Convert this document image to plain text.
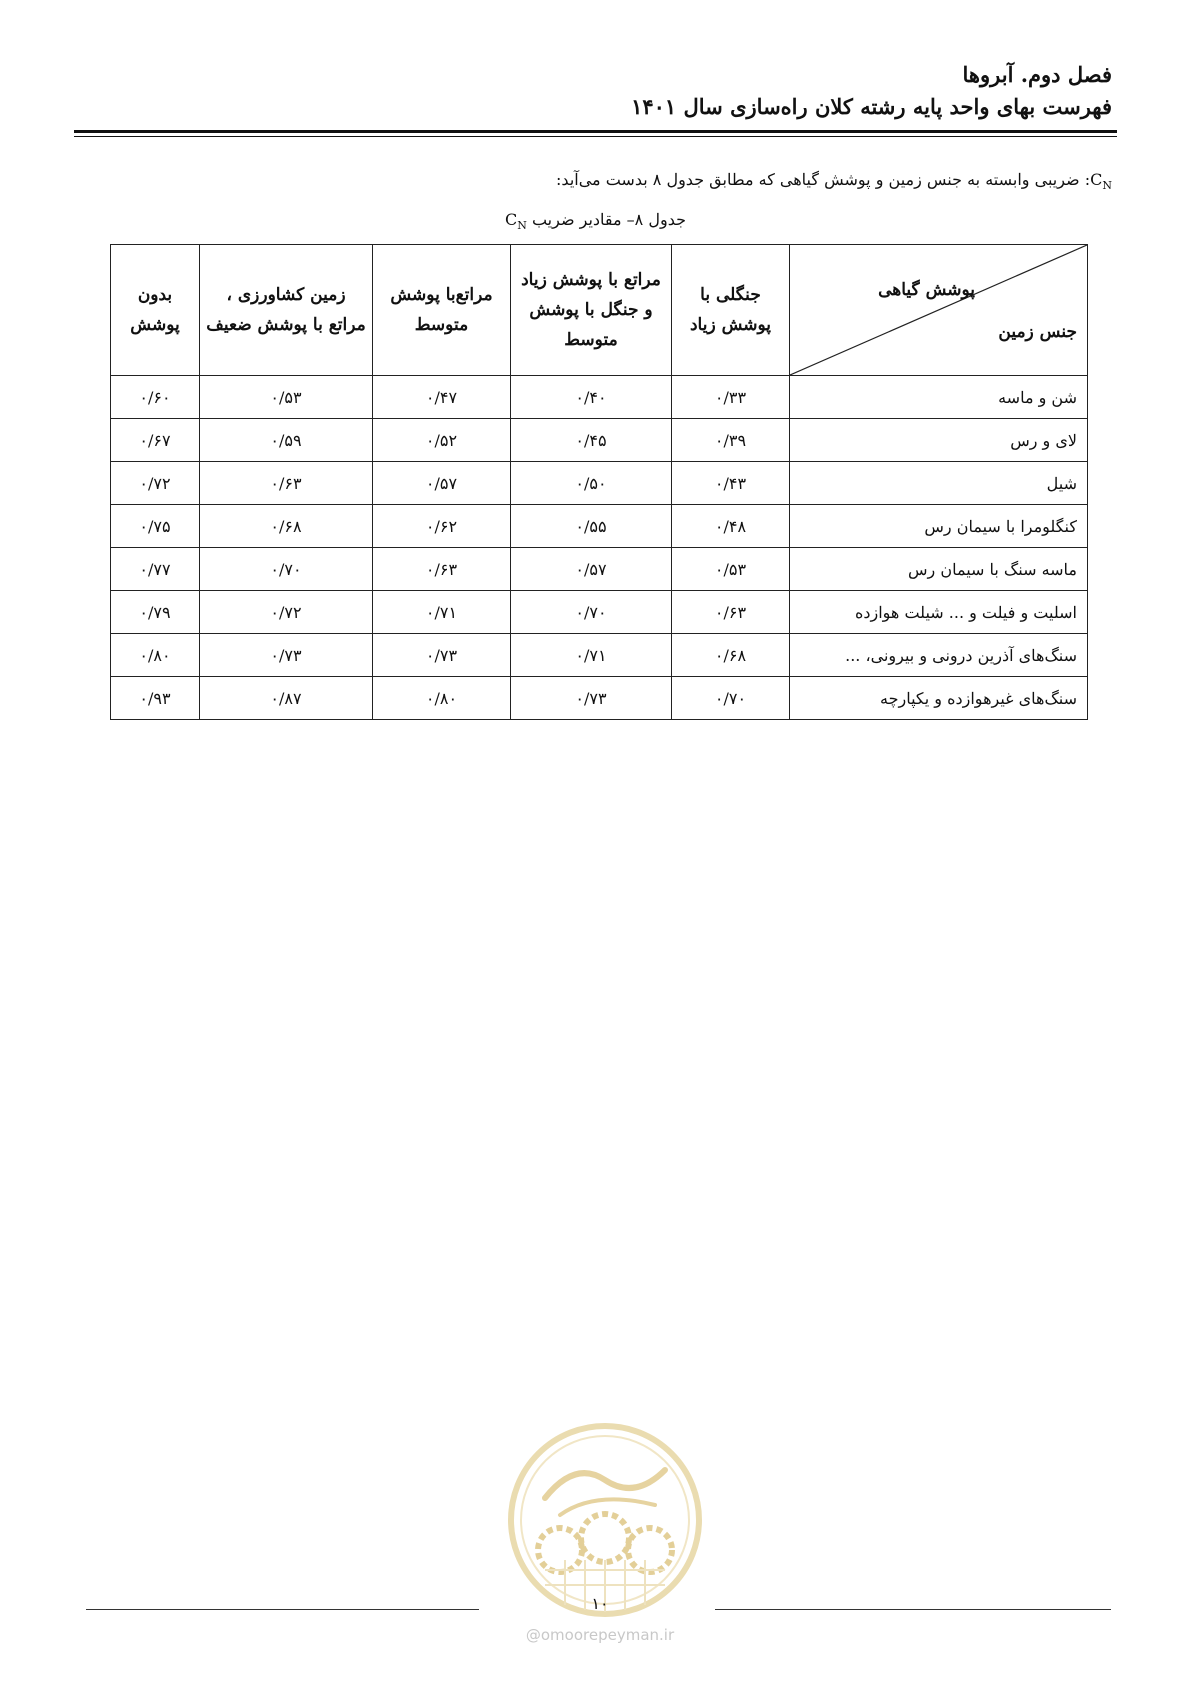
فصل دوم. آبروها
فهرست بهای واحد پایه رشته کلان راه‌سازی سال ۱۴۰۱
$C_N$: ضریبی وابسته به جنس زمین و پوشش گیاهی که مطابق جدول ۸ بدست می‌آید:
جدول ۸– مقادیر ضریب $C_N$
پوشش گیاهی
جنس زمین	جنگلی با پوشش زیاد	مراتع با پوشش زیاد و جنگل با پوشش متوسط	مراتع‌با پوشش متوسط	زمین کشاورزی ، مراتع با پوشش ضعیف	بدون پوشش
شن و ماسه	۰/۳۳	۰/۴۰	۰/۴۷	۰/۵۳	۰/۶۰
لای و رس	۰/۳۹	۰/۴۵	۰/۵۲	۰/۵۹	۰/۶۷
شیل	۰/۴۳	۰/۵۰	۰/۵۷	۰/۶۳	۰/۷۲
کنگلومرا با سیمان رس	۰/۴۸	۰/۵۵	۰/۶۲	۰/۶۸	۰/۷۵
ماسه سنگ با سیمان رس	۰/۵۳	۰/۵۷	۰/۶۳	۰/۷۰	۰/۷۷
اسلیت و فیلت و ... شیلت هوازده	۰/۶۳	۰/۷۰	۰/۷۱	۰/۷۲	۰/۷۹
سنگ‌های آذرین درونی و بیرونی، ...	۰/۶۸	۰/۷۱	۰/۷۳	۰/۷۳	۰/۸۰
سنگ‌های غیرهوازده و یکپارچه	۰/۷۰	۰/۷۳	۰/۸۰	۰/۸۷	۰/۹۳
۱۰
@omoorepeyman.ir
